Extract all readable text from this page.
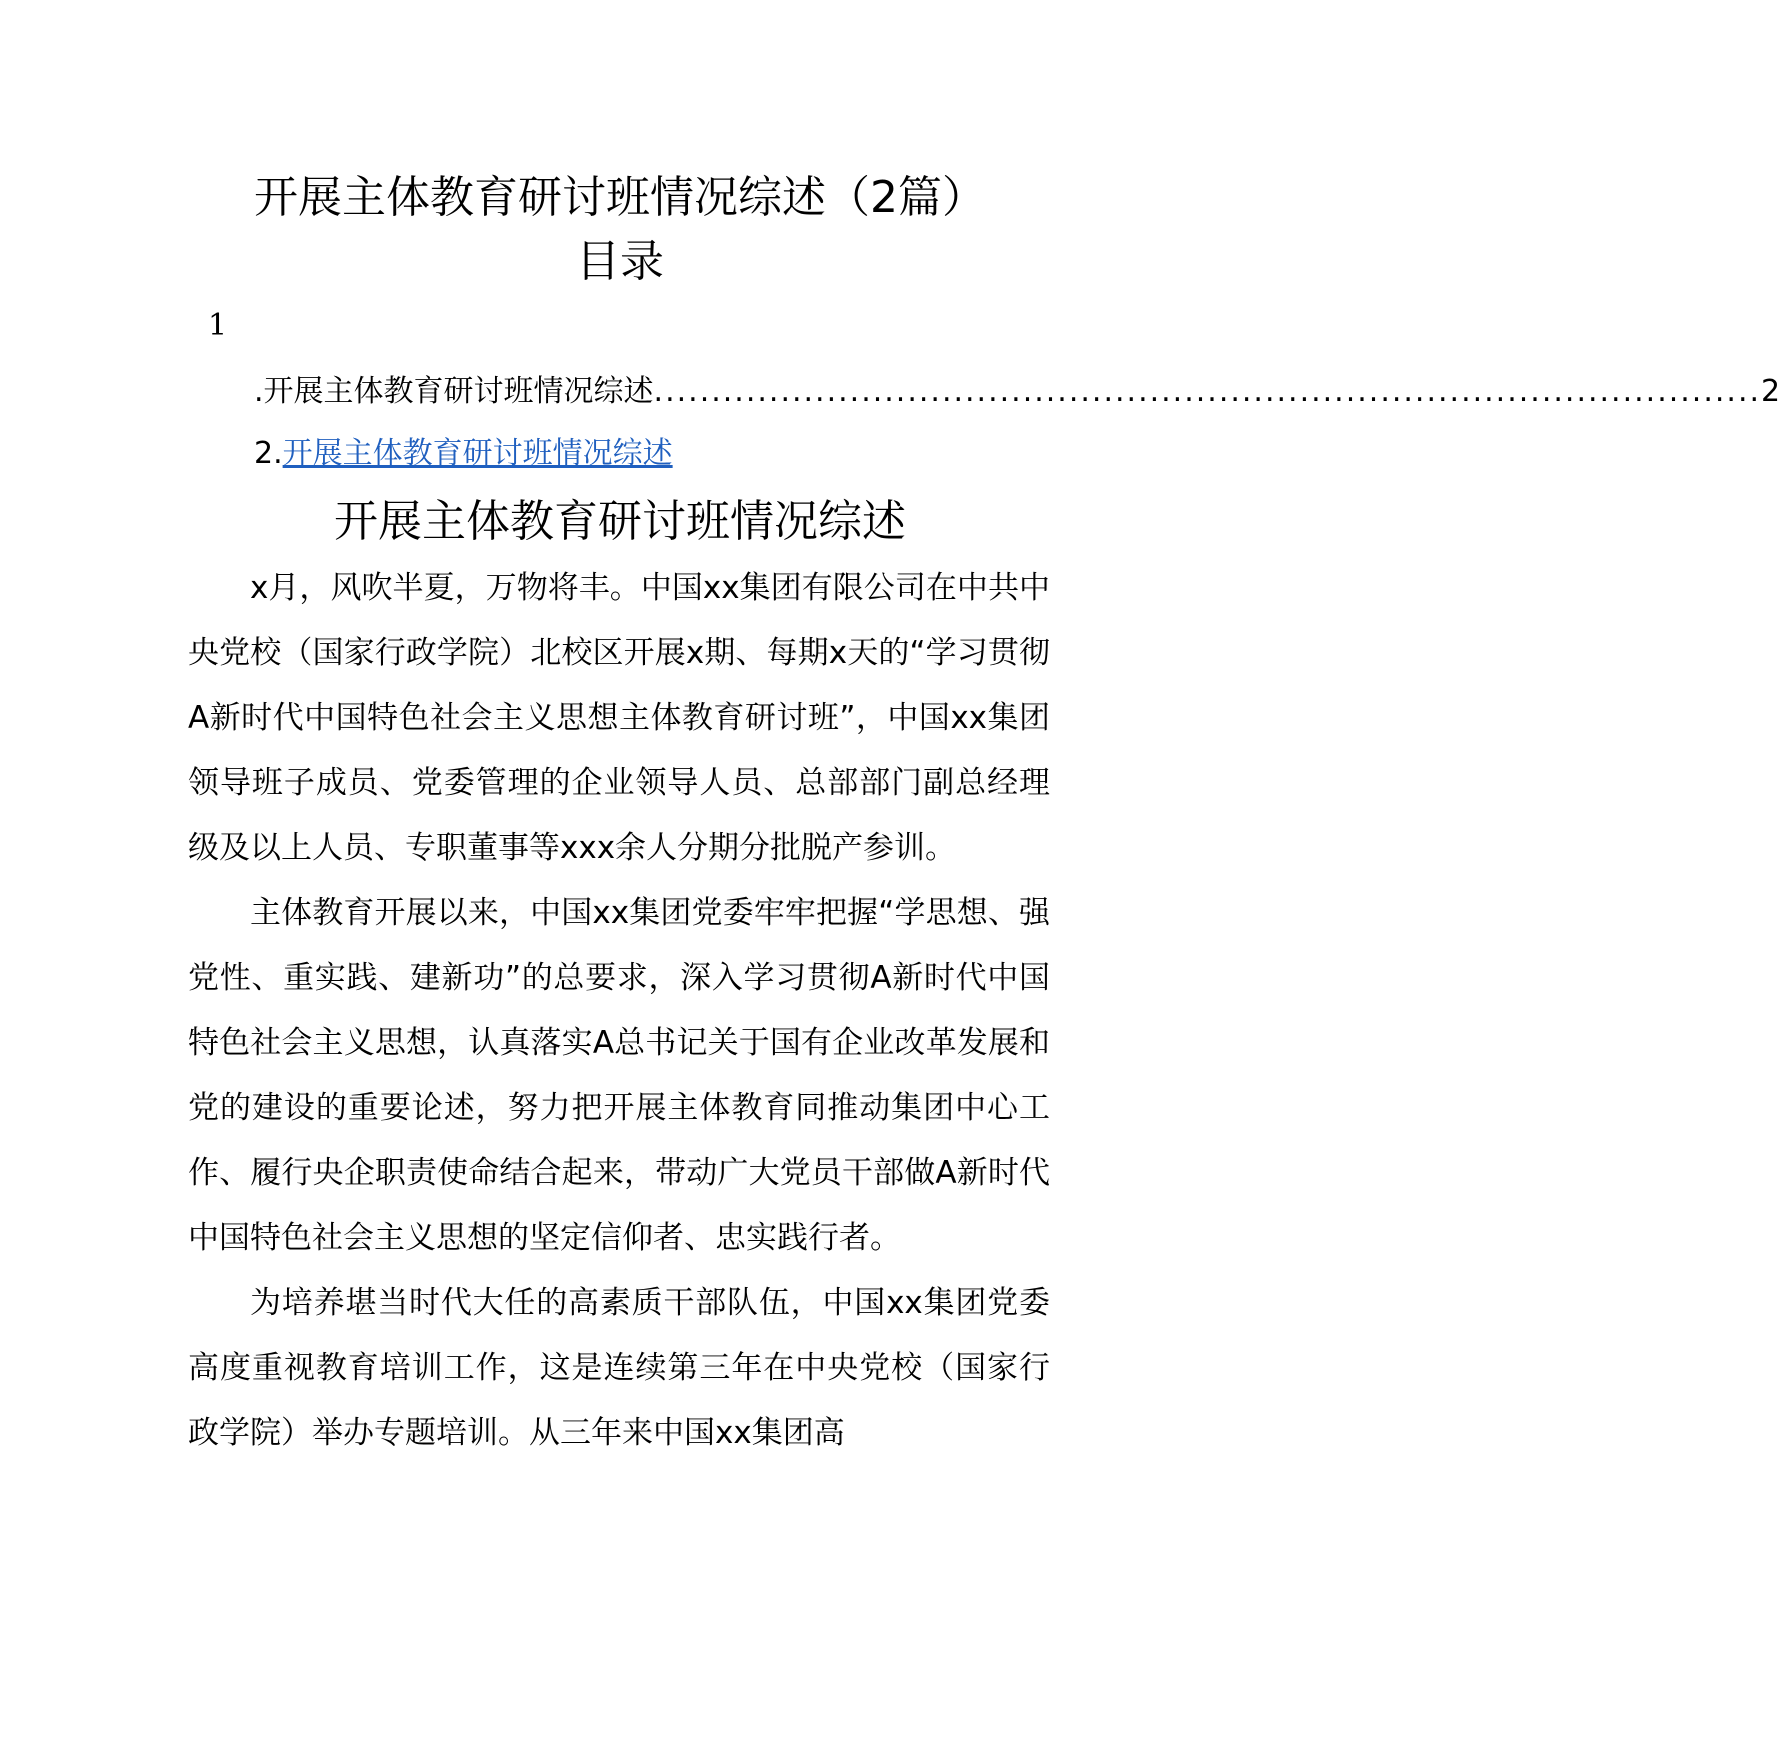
开展主体教育研讨班情况综述（2篇）
目录
1
.开展主体教育研讨班情况综述 ................................................................................................ 2
2.开展主体教育研讨班情况综述
开展主体教育研讨班情况综述

x月，风吹半夏，万物将丰。中国xx集团有限公司在中共中央党校（国家行政学院）北校区开展x期、每期x天的“学习贯彻A新时代中国特色社会主义思想主体教育研讨班”，中国xx集团领导班子成员、党委管理的企业领导人员、总部部门副总经理级及以上人员、专职董事等xxx余人分期分批脱产参训。

主体教育开展以来，中国xx集团党委牢牢把握“学思想、强党性、重实践、建新功”的总要求，深入学习贯彻A新时代中国特色社会主义思想，认真落实A总书记关于国有企业改革发展和党的建设的重要论述，努力把开展主体教育同推动集团中心工作、履行央企职责使命结合起来，带动广大党员干部做A新时代中国特色社会主义思想的坚定信仰者、忠实践行者。

为培养堪当时代大任的高素质干部队伍，中国xx集团党委高度重视教育培训工作，这是连续第三年在中央党校（国家行政学院）举办专题培训。从三年来中国xx集团高
